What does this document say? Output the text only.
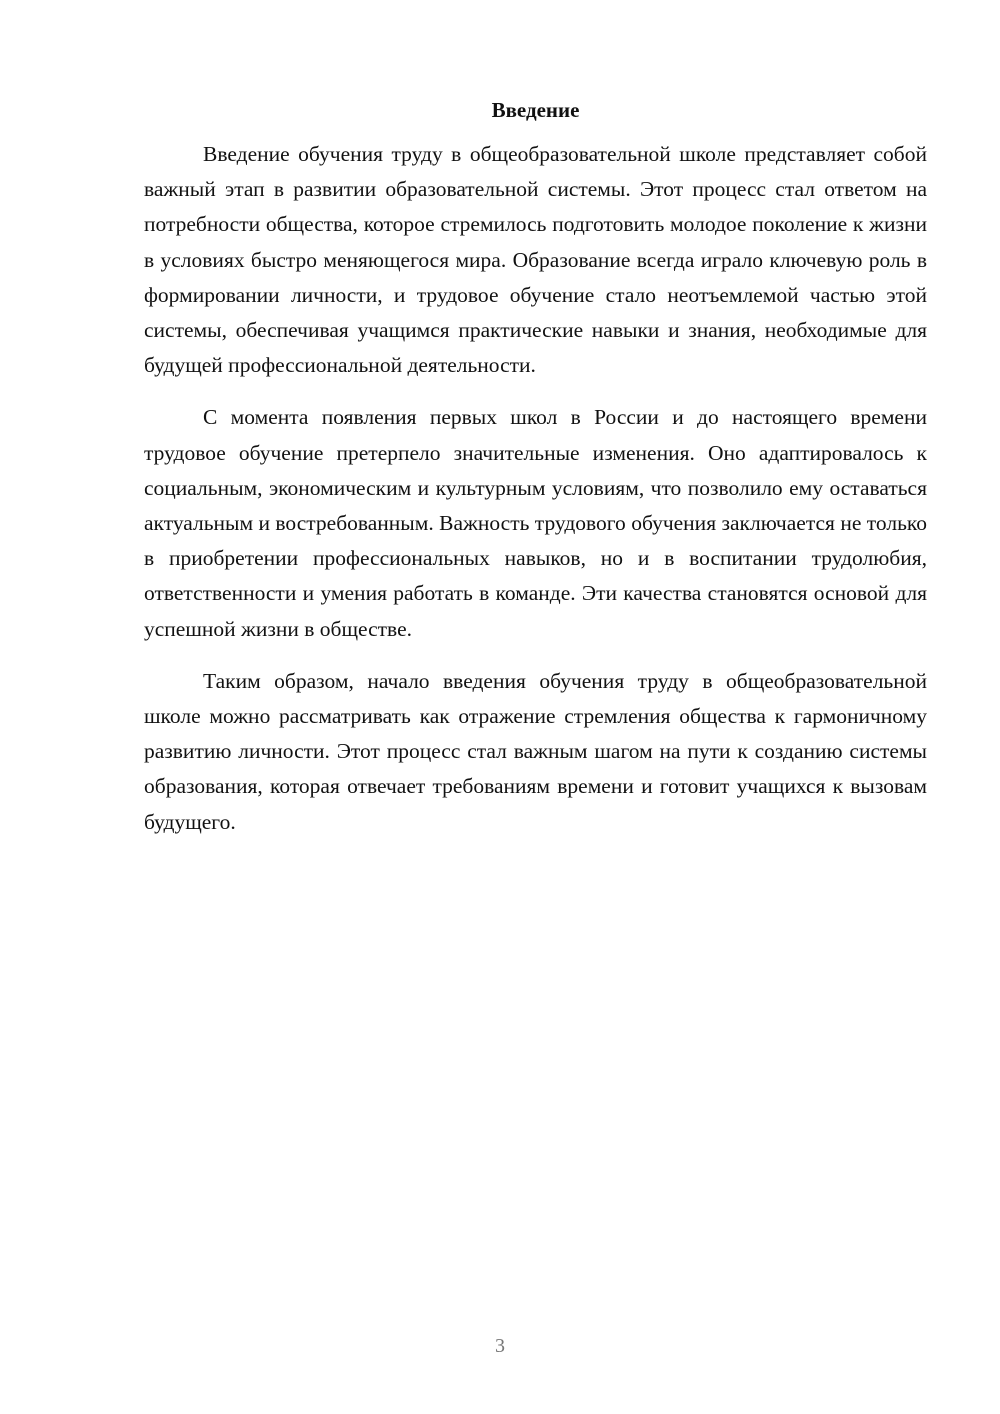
Введение

Введение обучения труду в общеобразовательной школе представляет собой важный этап в развитии образовательной системы. Этот процесс стал ответом на потребности общества, которое стремилось подготовить молодое поколение к жизни в условиях быстро меняющегося мира. Образование всегда играло ключевую роль в формировании личности, и трудовое обучение стало неотъемлемой частью этой системы, обеспечивая учащимся практические навыки и знания, необходимые для будущей профессиональной деятельности.

С момента появления первых школ в России и до настоящего времени трудовое обучение претерпело значительные изменения. Оно адаптировалось к социальным, экономическим и культурным условиям, что позволило ему оставаться актуальным и востребованным. Важность трудового обучения заключается не только в приобретении профессиональных навыков, но и в воспитании трудолюбия, ответственности и умения работать в команде. Эти качества становятся основой для успешной жизни в обществе.

Таким образом, начало введения обучения труду в общеобразовательной школе можно рассматривать как отражение стремления общества к гармоничному развитию личности. Этот процесс стал важным шагом на пути к созданию системы образования, которая отвечает требованиям времени и готовит учащихся к вызовам будущего.

3
